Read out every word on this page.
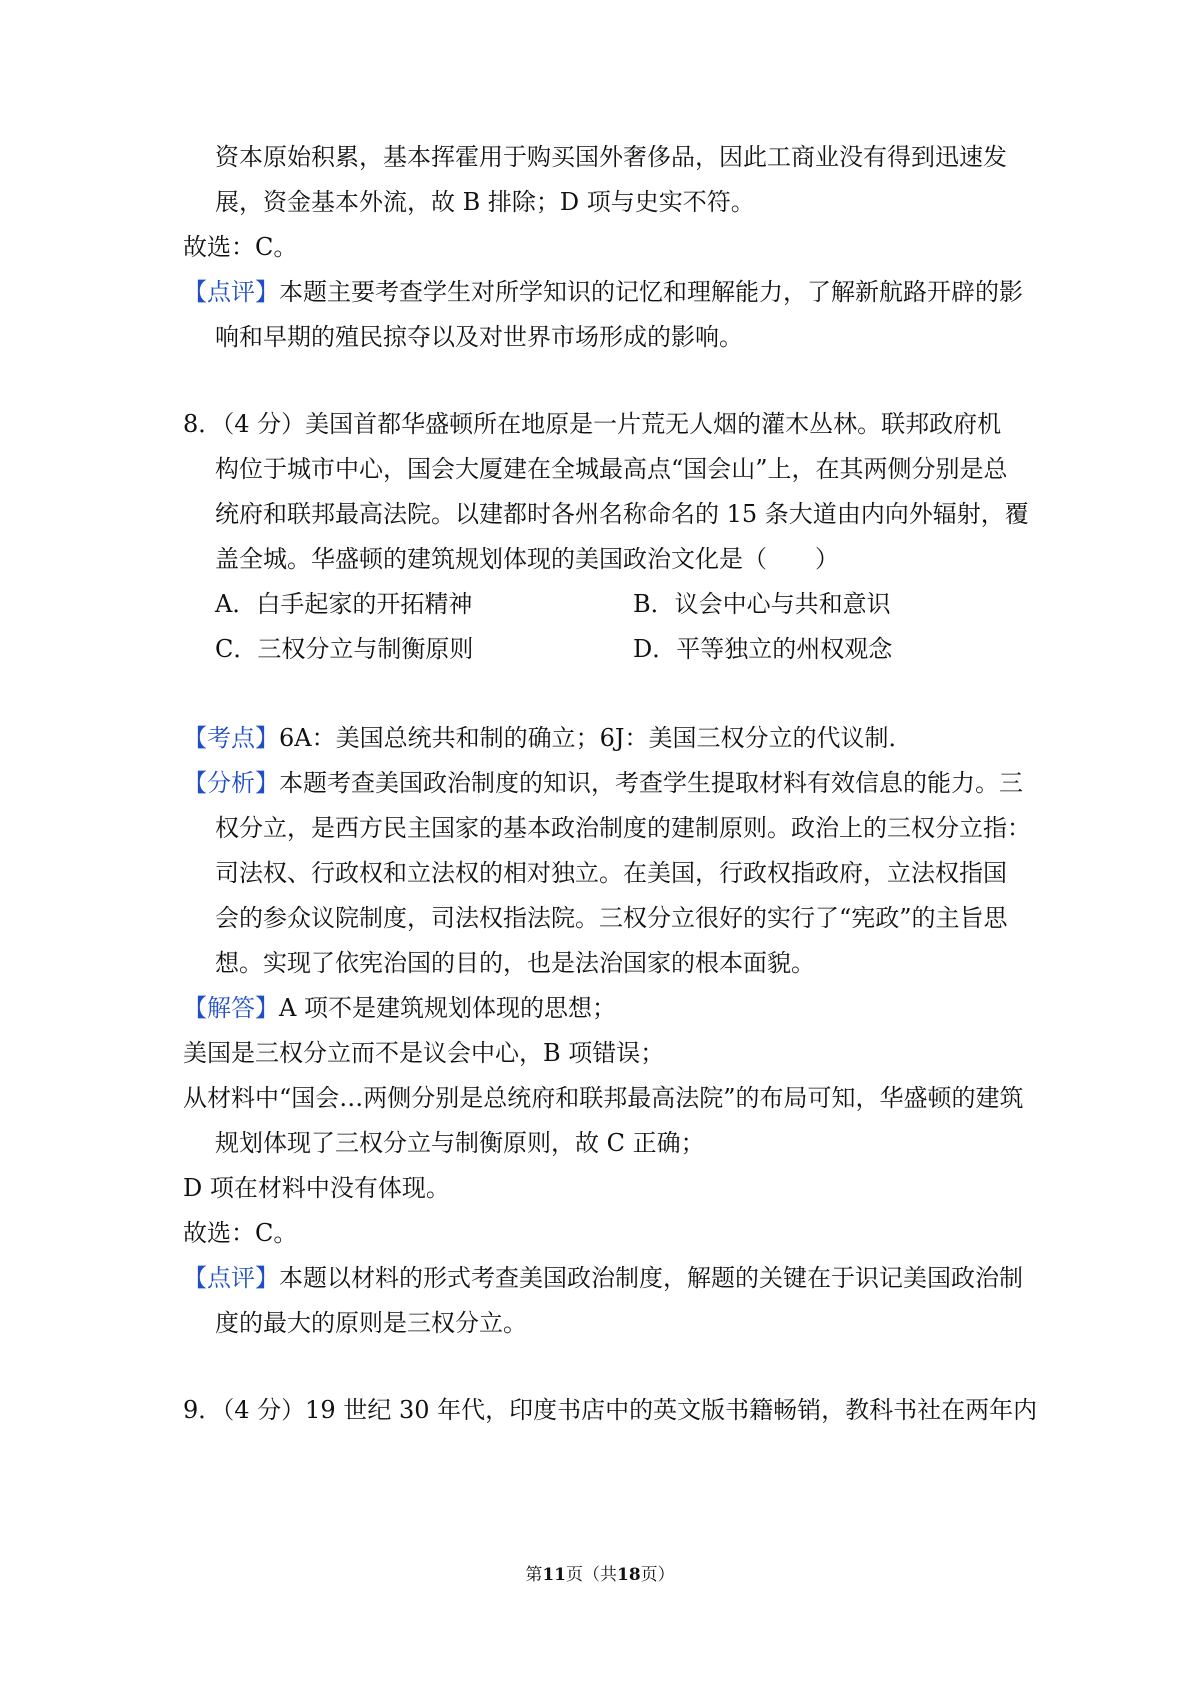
资本原始积累，基本挥霍用于购买国外奢侈品，因此工商业没有得到迅速发
展，资金基本外流，故 B 排除；D 项与史实不符。
故选：C。
【点评】本题主要考查学生对所学知识的记忆和理解能力，了解新航路开辟的影
响和早期的殖民掠夺以及对世界市场形成的影响。
8．（4 分）美国首都华盛顿所在地原是一片荒无人烟的灌木丛林。联邦政府机
构位于城市中心，国会大厦建在全城最高点“国会山”上，在其两侧分别是总
统府和联邦最高法院。以建都时各州名称命名的 15 条大道由内向外辐射，覆
盖全城。华盛顿的建筑规划体现的美国政治文化是（　　）
A．白手起家的开拓精神	B．议会中心与共和意识
C．三权分立与制衡原则	D．平等独立的州权观念
【考点】6A：美国总统共和制的确立；6J：美国三权分立的代议制．
【分析】本题考查美国政治制度的知识，考查学生提取材料有效信息的能力。三
权分立，是西方民主国家的基本政治制度的建制原则。政治上的三权分立指：
司法权、行政权和立法权的相对独立。在美国，行政权指政府，立法权指国
会的参众议院制度，司法权指法院。三权分立很好的实行了“宪政”的主旨思
想。实现了依宪治国的目的，也是法治国家的根本面貌。
【解答】A 项不是建筑规划体现的思想；
美国是三权分立而不是议会中心，B 项错误；
从材料中“国会…两侧分别是总统府和联邦最高法院”的布局可知，华盛顿的建筑
规划体现了三权分立与制衡原则，故 C 正确；
D 项在材料中没有体现。
故选：C。
【点评】本题以材料的形式考查美国政治制度，解题的关键在于识记美国政治制
度的最大的原则是三权分立。
9．（4 分）19 世纪 30 年代，印度书店中的英文版书籍畅销，教科书社在两年内
第11页（共18页）
